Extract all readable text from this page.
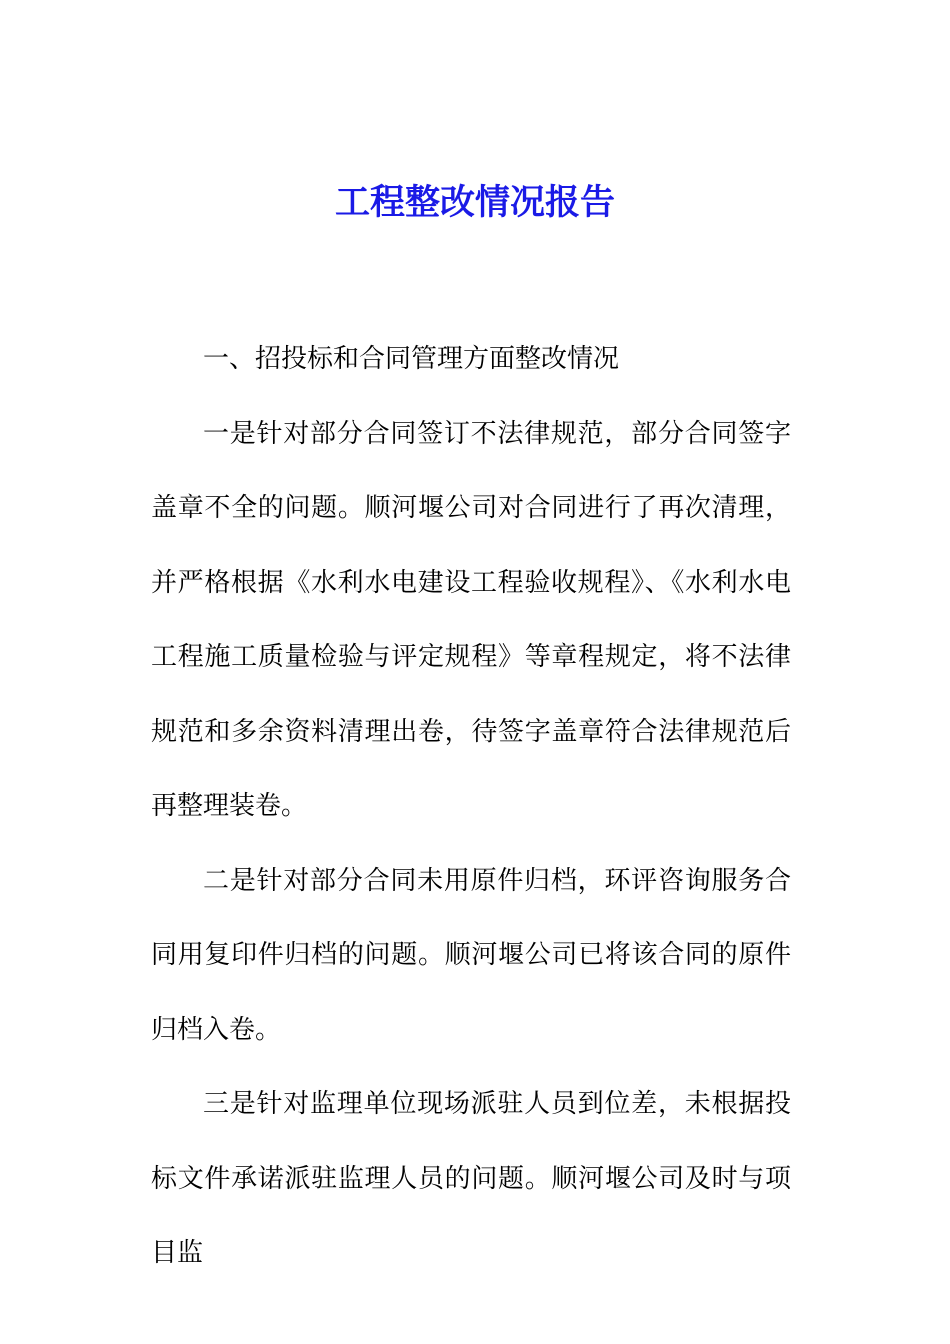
工程整改情况报告

一、招投标和合同管理方面整改情况

一是针对部分合同签订不法律规范，部分合同签字盖章不全的问题。顺河堰公司对合同进行了再次清理，并严格根据《水利水电建设工程验收规程》、《水利水电工程施工质量检验与评定规程》等章程规定，将不法律规范和多余资料清理出卷，待签字盖章符合法律规范后再整理装卷。

二是针对部分合同未用原件归档，环评咨询服务合同用复印件归档的问题。顺河堰公司已将该合同的原件归档入卷。

三是针对监理单位现场派驻人员到位差，未根据投标文件承诺派驻监理人员的问题。顺河堰公司及时与项目监
